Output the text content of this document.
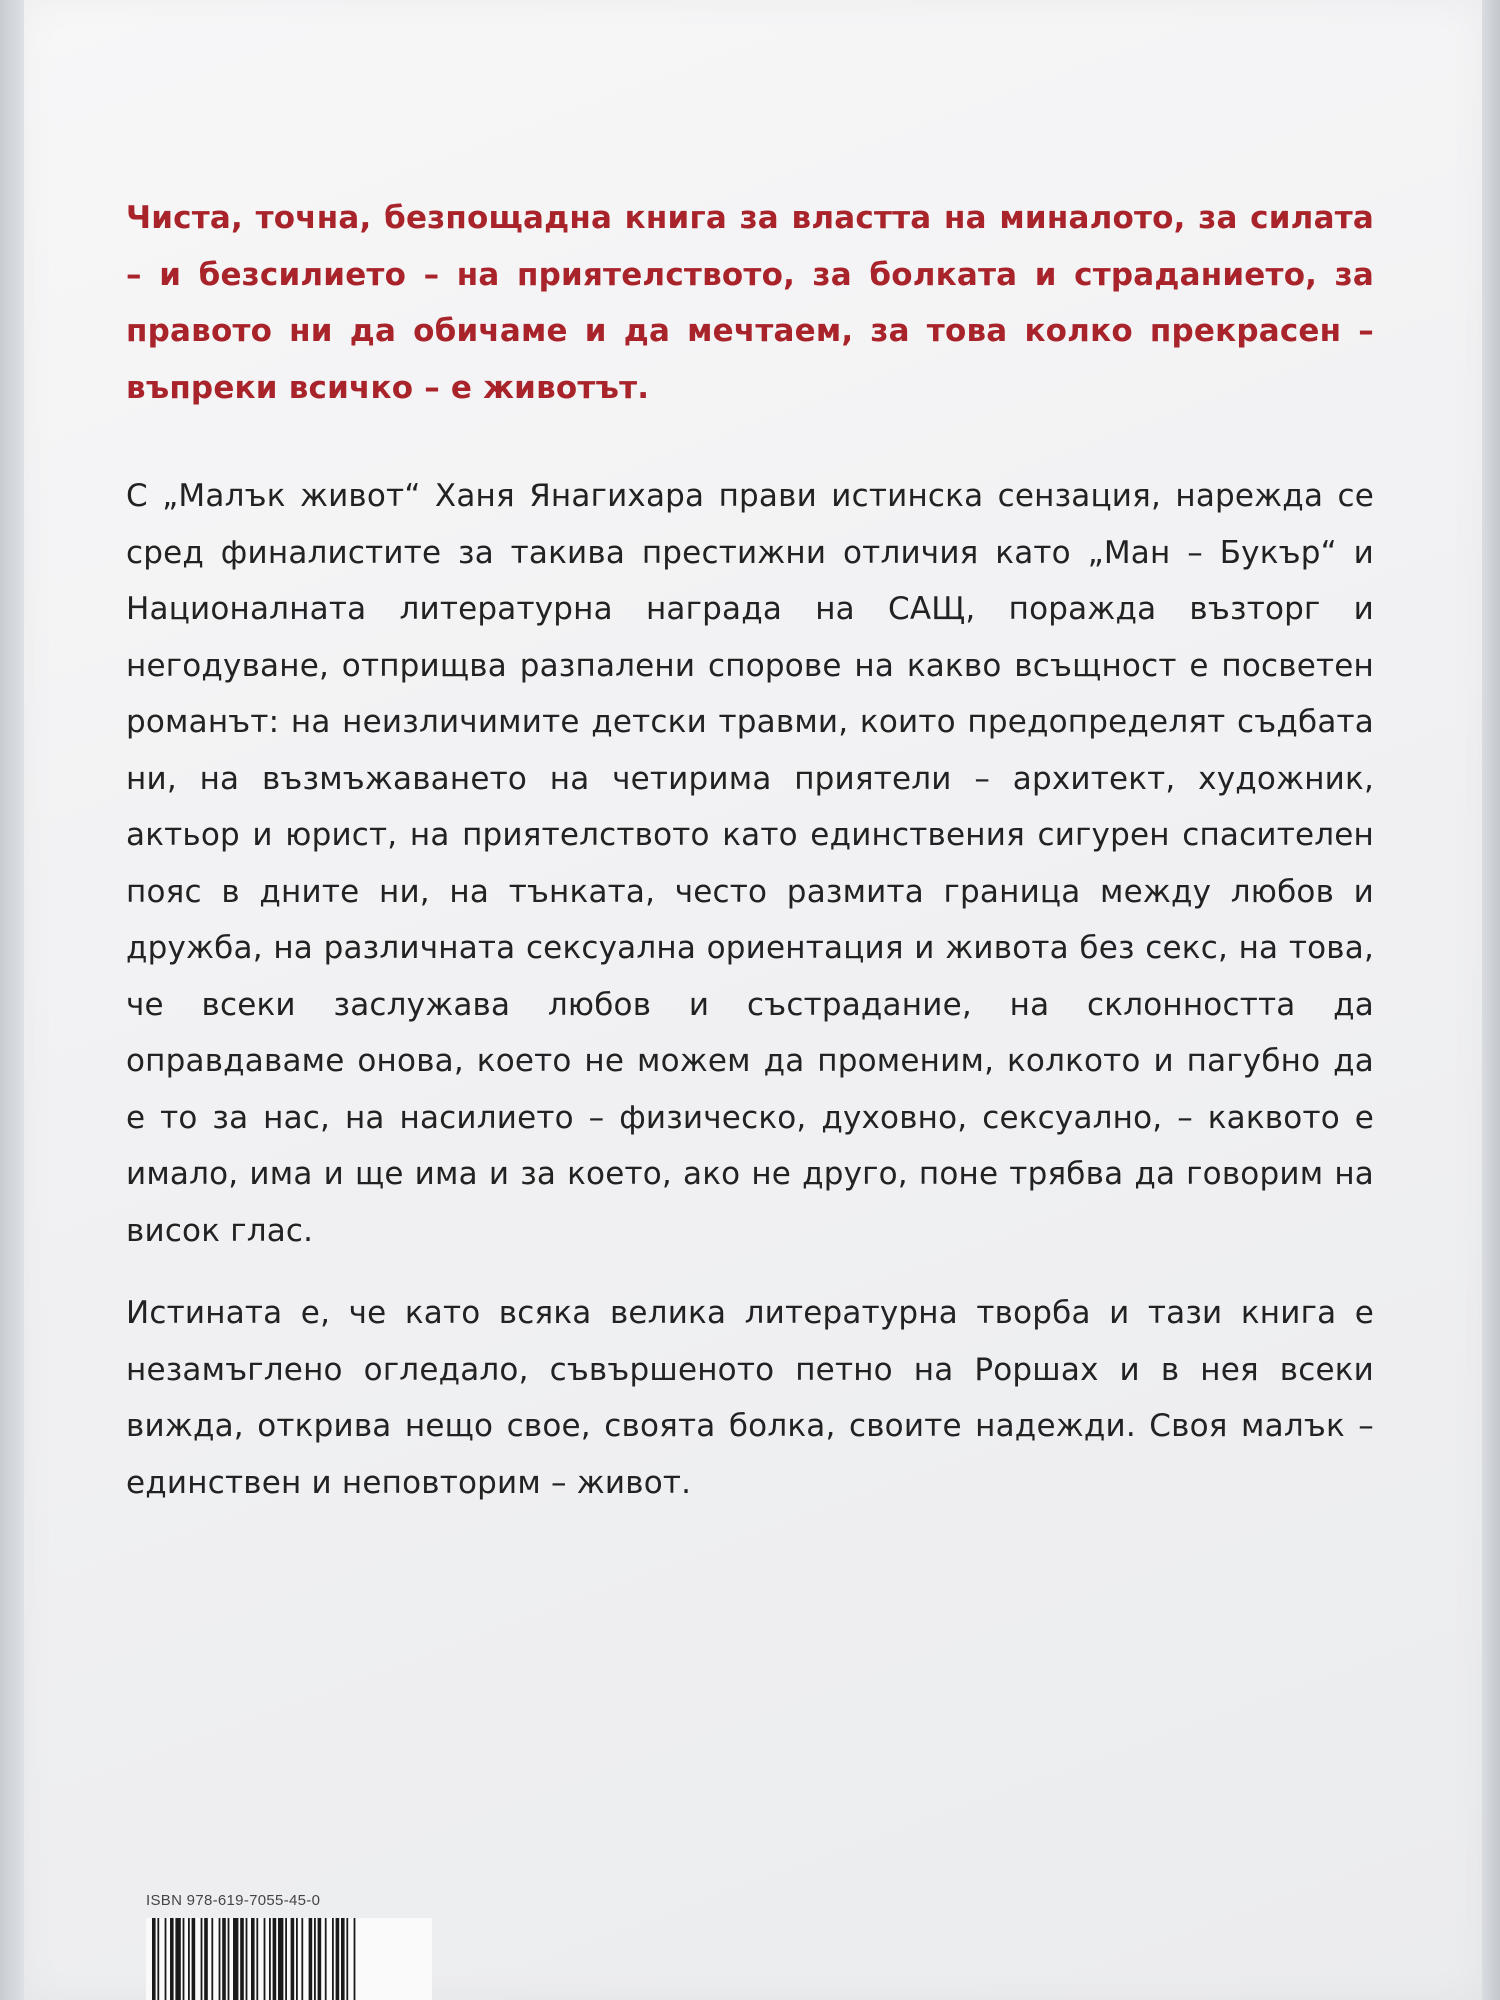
Чиста, точна, безпощадна книга за властта на миналото, за силата – и безсилието – на приятелството, за болката и страданието, за правото ни да обичаме и да мечтаем, за това колко прекрасен – въпреки всичко – е животът.

С „Малък живот“ Ханя Янагихара прави истинска сензация, нарежда се сред финалистите за такива престижни отличия като „Ман – Букър“ и Националната литературна награда на САЩ, поражда възторг и негодуване, отприщва разпалени спорове на какво всъщност е посветен романът: на неизличимите детски травми, които предопределят съдбата ни, на възмъжаването на четирима приятели – архитект, художник, актьор и юрист, на приятелството като единствения сигурен спасителен пояс в дните ни, на тънката, често размита граница между любов и дружба, на различната сексуална ориентация и живота без секс, на това, че всеки заслужава любов и състрадание, на склонността да оправдаваме онова, което не можем да променим, колкото и пагубно да е то за нас, на насилието – физическо, духовно, сексуално, – каквото е имало, има и ще има и за което, ако не друго, поне трябва да говорим на висок глас.

Истината е, че като всяка велика литературна творба и тази книга е незамъглено огледало, съвършеното петно на Роршах и в нея всеки вижда, открива нещо свое, своята болка, своите надежди. Своя малък – единствен и неповторим – живот.

ISBN 978-619-7055-45-0
